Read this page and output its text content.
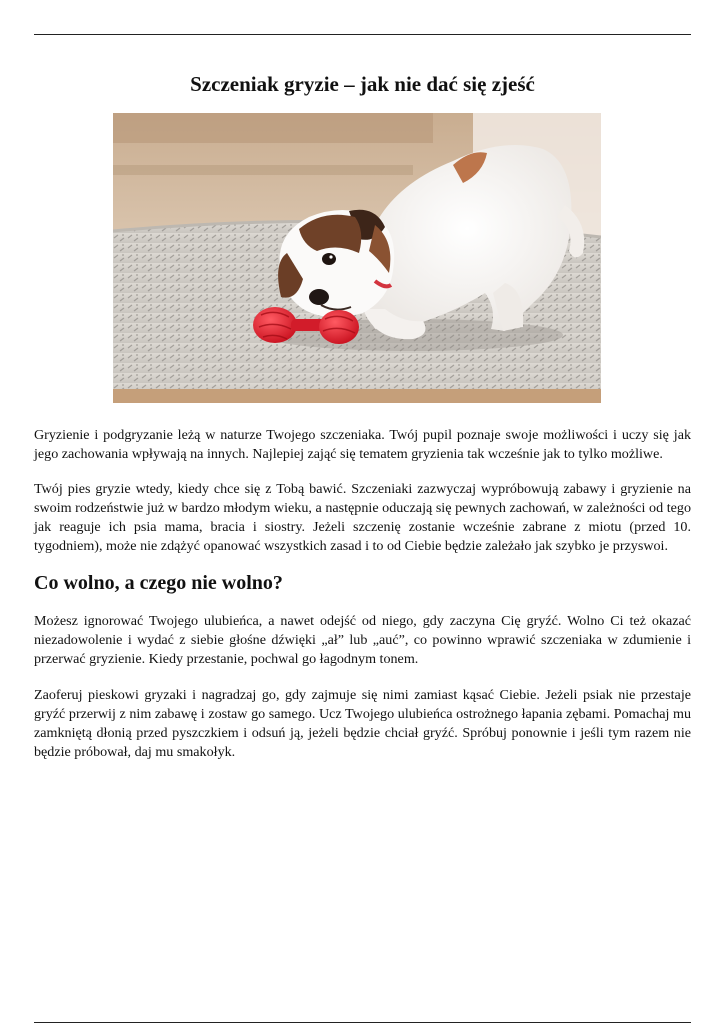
Szczeniak gryzie – jak nie dać się zjeść

Gryzienie i podgryzanie leżą w naturze Twojego szczeniaka. Twój pupil poznaje swoje możliwości i uczy się jak jego zachowania wpływają na innych. Najlepiej zająć się tematem gryzienia tak wcześnie jak to tylko możliwe.

Twój pies gryzie wtedy, kiedy chce się z Tobą bawić. Szczeniaki zazwyczaj wypróbowują zabawy i gryzienie na swoim rodzeństwie już w bardzo młodym wieku, a następnie oduczają się pewnych zachowań, w zależności od tego jak reaguje ich psia mama, bracia i siostry. Jeżeli szczenię zostanie wcześnie zabrane z miotu (przed 10. tygodniem), może nie zdążyć opanować wszystkich zasad i to od Ciebie będzie zależało jak szybko je przyswoi.

Co wolno, a czego nie wolno?

Możesz ignorować Twojego ulubieńca, a nawet odejść od niego, gdy zaczyna Cię gryźć. Wolno Ci też okazać niezadowolenie i wydać z siebie głośne dźwięki „ał” lub „auć”, co powinno wprawić szczeniaka w zdumienie i przerwać gryzienie. Kiedy przestanie, pochwal go łagodnym tonem.

Zaoferuj pieskowi gryzaki i nagradzaj go, gdy zajmuje się nimi zamiast kąsać Ciebie. Jeżeli psiak nie przestaje gryźć przerwij z nim zabawę i zostaw go samego. Ucz Twojego ulubieńca ostrożnego łapania zębami. Pomachaj mu zamkniętą dłonią przed pyszczkiem i odsuń ją, jeżeli będzie chciał gryźć. Spróbuj ponownie i jeśli tym razem nie będzie próbował, daj mu smakołyk.
